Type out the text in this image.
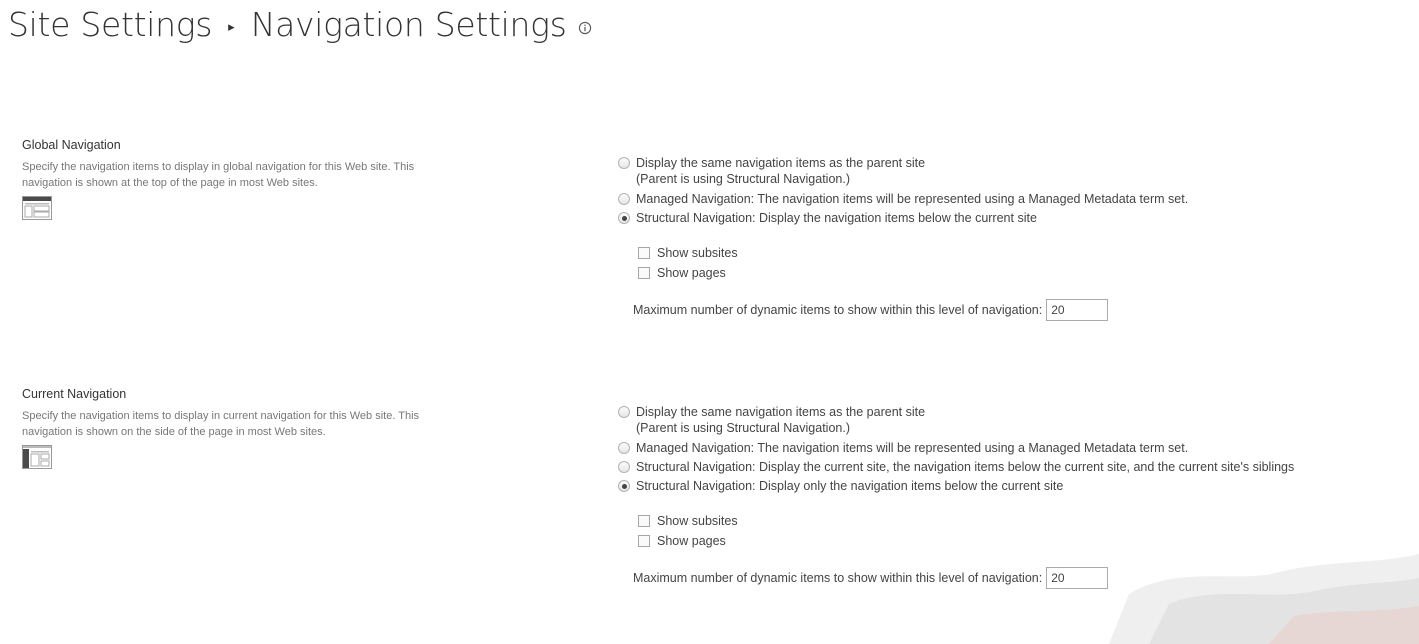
Site Settings ▸ Navigation Settings
Global Navigation
Specify the navigation items to display in global navigation for this Web site. This navigation is shown at the top of the page in most Web sites.
Display the same navigation items as the parent site
(Parent is using Structural Navigation.)
Managed Navigation: The navigation items will be represented using a Managed Metadata term set.
Structural Navigation: Display the navigation items below the current site
Show subsites
Show pages
Maximum number of dynamic items to show within this level of navigation:
20
Current Navigation
Specify the navigation items to display in current navigation for this Web site. This navigation is shown on the side of the page in most Web sites.
Display the same navigation items as the parent site
(Parent is using Structural Navigation.)
Managed Navigation: The navigation items will be represented using a Managed Metadata term set.
Structural Navigation: Display the current site, the navigation items below the current site, and the current site's siblings
Structural Navigation: Display only the navigation items below the current site
Show subsites
Show pages
Maximum number of dynamic items to show within this level of navigation:
20
